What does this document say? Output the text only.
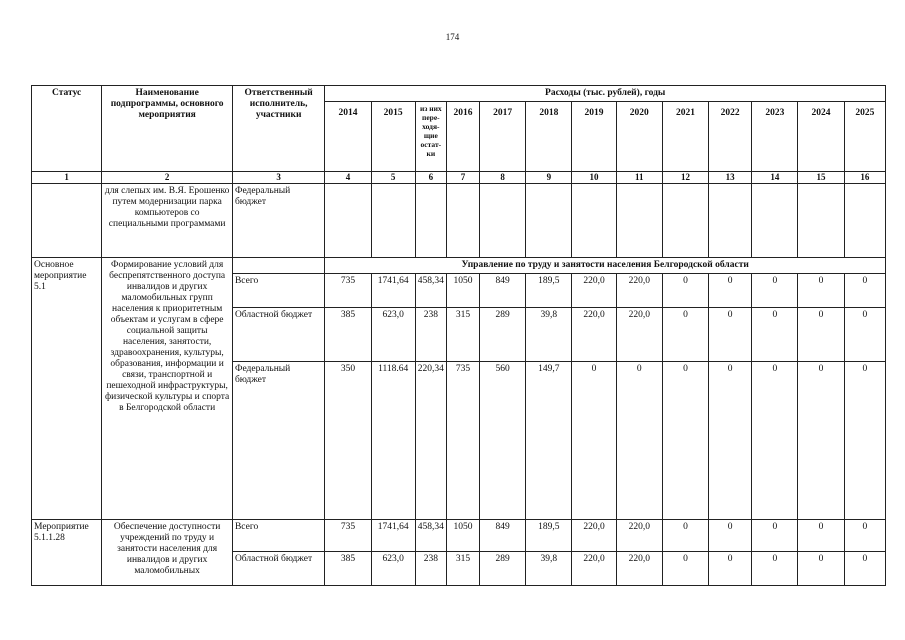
174
Статус	Наименование подпрограммы, основного мероприятия	Ответственный исполнитель, участники	Расходы (тыс. рублей), годы												
			2014	2015	из них пере-ходя-щие остат-ки	2016	2017	2018	2019	2020	2021	2022	2023	2024	2025
1	2	3	4	5	6	7	8	9	10	11	12	13	14	15	16
	для слепых им. В.Я. Ерошенко путем модернизации парка компьютеров со специальными программами	Федеральный бюджет													
Основное мероприятие 5.1	Формирование условий для беспрепятственного доступа инвалидов и других маломобильных групп населения к приоритетным объектам и услугам в сфере социальной защиты населения, занятости, здравоохранения, культуры, образования, информации и связи, транспортной и пешеходной инфраструктуры, физической культуры и спорта в Белгородской области		Управление по труду и занятости населения Белгородской области												
		Всего	735	1741,64	458,34	1050	849	189,5	220,0	220,0	0	0	0	0	0
		Областной бюджет	385	623,0	238	315	289	39,8	220,0	220,0	0	0	0	0	0
		Федеральный бюджет	350	1118.64	220,34	735	560	149,7	0	0	0	0	0	0	0
Мероприятие 5.1.1.28	Обеспечение доступности учреждений по труду и занятости населения для инвалидов и других маломобильных	Всего	735	1741,64	458,34	1050	849	189,5	220,0	220,0	0	0	0	0	0
		Областной бюджет	385	623,0	238	315	289	39,8	220,0	220,0	0	0	0	0	0
